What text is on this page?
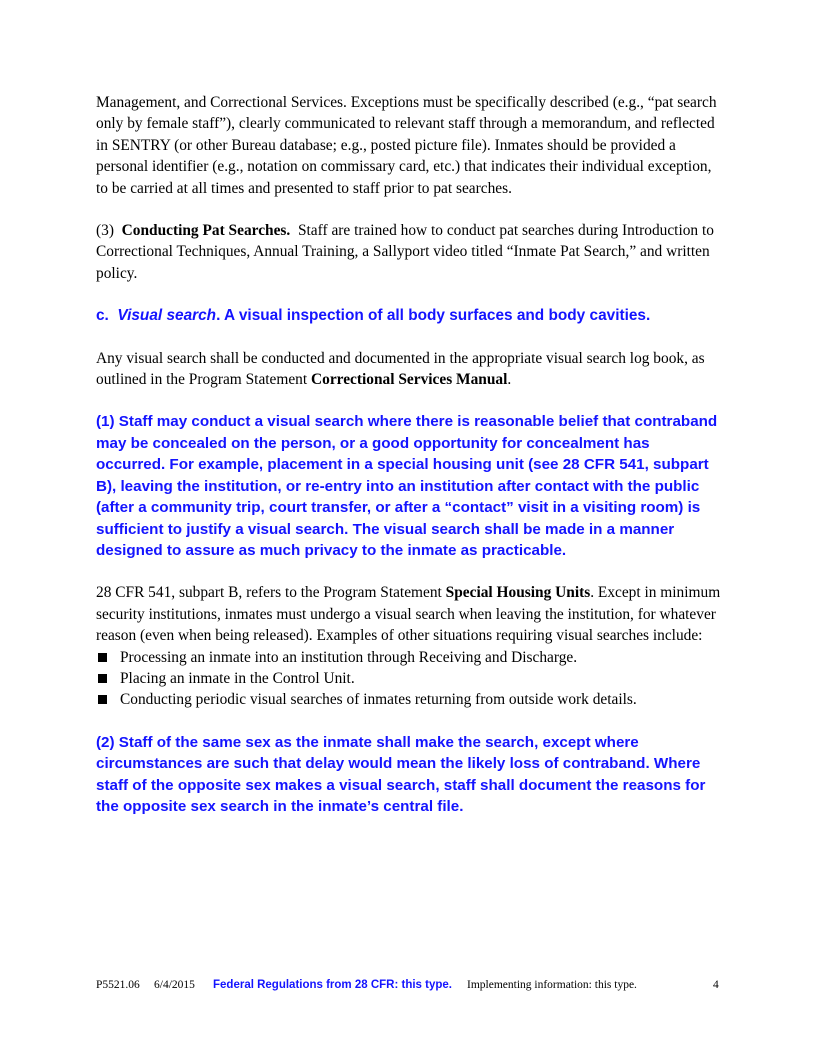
Management, and Correctional Services. Exceptions must be specifically described (e.g., “pat search only by female staff”), clearly communicated to relevant staff through a memorandum, and reflected in SENTRY (or other Bureau database; e.g., posted picture file). Inmates should be provided a personal identifier (e.g., notation on commissary card, etc.) that indicates their individual exception, to be carried at all times and presented to staff prior to pat searches.

(3) Conducting Pat Searches. Staff are trained how to conduct pat searches during Introduction to Correctional Techniques, Annual Training, a Sallyport video titled “Inmate Pat Search,” and written policy.

c. Visual search. A visual inspection of all body surfaces and body cavities.

Any visual search shall be conducted and documented in the appropriate visual search log book, as outlined in the Program Statement Correctional Services Manual.

(1) Staff may conduct a visual search where there is reasonable belief that contraband may be concealed on the person, or a good opportunity for concealment has occurred. For example, placement in a special housing unit (see 28 CFR 541, subpart B), leaving the institution, or re-entry into an institution after contact with the public (after a community trip, court transfer, or after a “contact” visit in a visiting room) is sufficient to justify a visual search. The visual search shall be made in a manner designed to assure as much privacy to the inmate as practicable.

28 CFR 541, subpart B, refers to the Program Statement Special Housing Units. Except in minimum security institutions, inmates must undergo a visual search when leaving the institution, for whatever reason (even when being released). Examples of other situations requiring visual searches include:

Processing an inmate into an institution through Receiving and Discharge.
Placing an inmate in the Control Unit.
Conducting periodic visual searches of inmates returning from outside work details.

(2) Staff of the same sex as the inmate shall make the search, except where circumstances are such that delay would mean the likely loss of contraband. Where staff of the opposite sex makes a visual search, staff shall document the reasons for the opposite sex search in the inmate’s central file.

P5521.06 6/4/2015 Federal Regulations from 28 CFR: this type. Implementing information: this type.	4
